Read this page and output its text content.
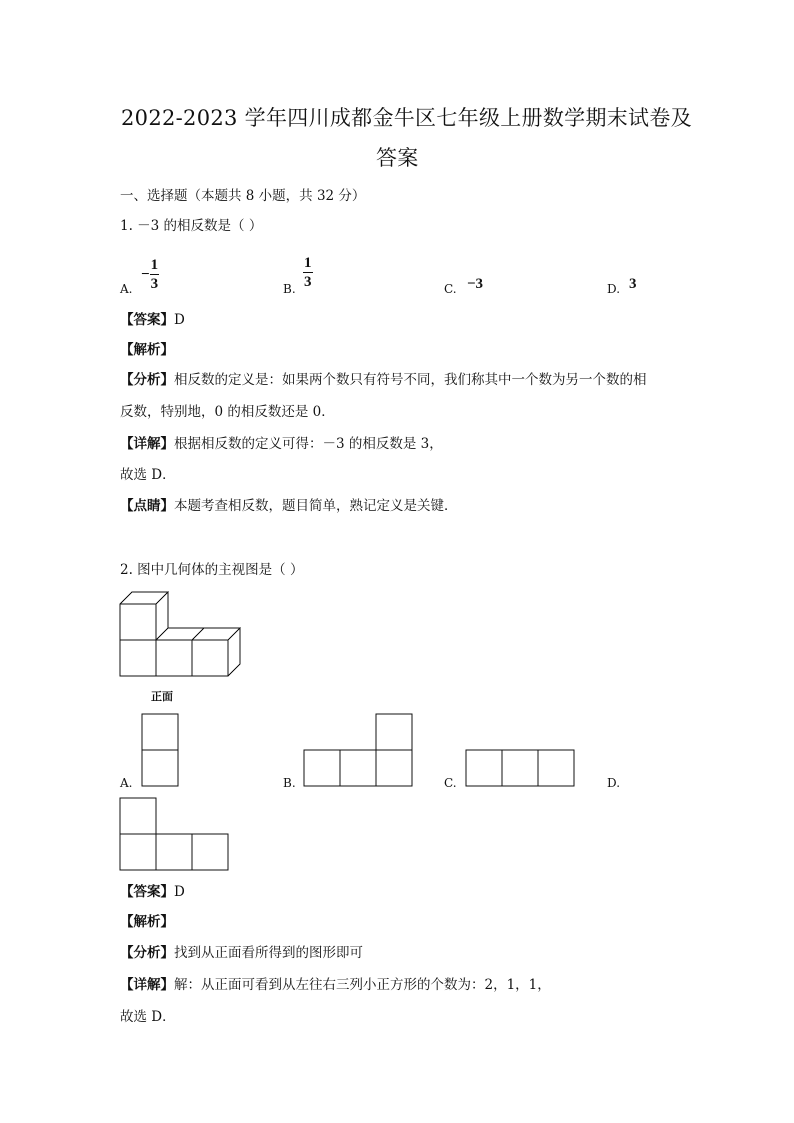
2022-2023 学年四川成都金牛区七年级上册数学期末试卷及
答案
一、选择题（本题共 8 小题，共 32 分）
1. －3 的相反数是（ ）
A.
− $\frac{1}{3}$	B. $\frac{1}{3}$	C. −3	D. 3
【答案】D
【解析】
【分析】相反数的定义是：如果两个数只有符号不同，我们称其中一个数为另一个数的相
反数，特别地，0 的相反数还是 0．
【详解】根据相反数的定义可得：－3 的相反数是 3，
故选 D．
【点睛】本题考查相反数，题目简单，熟记定义是关键．
2. 图中几何体的主视图是（ ）
正面
A.	B.	C.	D.
【答案】D
【解析】
【分析】找到从正面看所得到的图形即可
【详解】解：从正面可看到从左往右三列小正方形的个数为：2，1，1，
故选 D．
